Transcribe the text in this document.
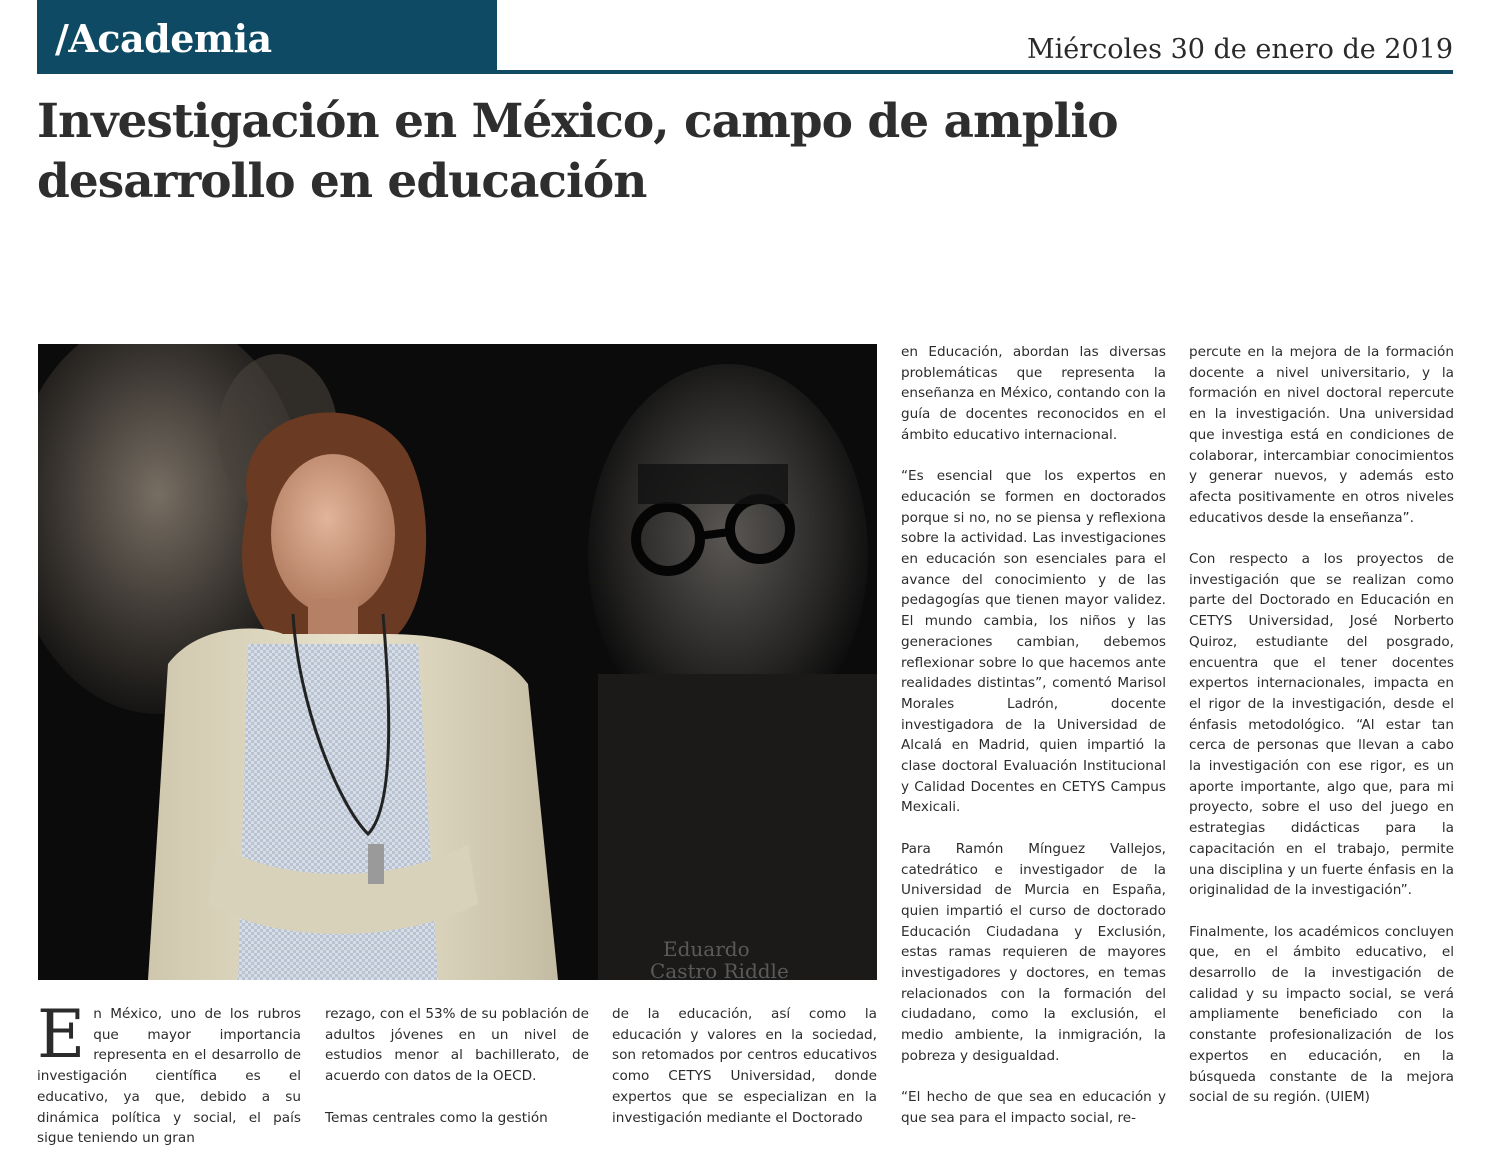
/Academia	Miércoles 30 de enero de 2019
Investigación en México, campo de amplio
desarrollo en educación
Eduardo
Castro Riddle

En México, uno de los rubros que mayor importancia representa en el desarrollo de investigación científica es el educativo, ya que, debido a su dinámica política y social, el país sigue teniendo un gran

rezago, con el 53% de su población de adultos jóvenes en un nivel de estudios menor al bachillerato, de acuerdo con datos de la OECD.

Temas centrales como la gestión

de la educación, así como la educación y valores en la sociedad, son retomados por centros educativos como CETYS Universidad, donde expertos que se especializan en la investigación mediante el Doctorado

en Educación, abordan las diversas problemáticas que representa la enseñanza en México, contando con la guía de docentes reconocidos en el ámbito educativo internacional.

“Es esencial que los expertos en educación se formen en doctorados porque si no, no se piensa y reflexiona sobre la actividad. Las investigaciones en educación son esenciales para el avance del conocimiento y de las pedagogías que tienen mayor validez. El mundo cambia, los niños y las generaciones cambian, debemos reflexionar sobre lo que hacemos ante realidades distintas”, comentó Marisol Morales Ladrón, docente investigadora de la Universidad de Alcalá en Madrid, quien impartió la clase doctoral Evaluación Institucional y Calidad Docentes en CETYS Campus Mexicali.

Para Ramón Mínguez Vallejos, catedrático e investigador de la Universidad de Murcia en España, quien impartió el curso de doctorado Educación Ciudadana y Exclusión, estas ramas requieren de mayores investigadores y doctores, en temas relacionados con la formación del ciudadano, como la exclusión, el medio ambiente, la inmigración, la pobreza y desigualdad.

“El hecho de que sea en educación y que sea para el impacto social, re-

percute en la mejora de la formación docente a nivel universitario, y la formación en nivel doctoral repercute en la investigación. Una universidad que investiga está en condiciones de colaborar, intercambiar conocimientos y generar nuevos, y además esto afecta positivamente en otros niveles educativos desde la enseñanza”.

Con respecto a los proyectos de investigación que se realizan como parte del Doctorado en Educación en CETYS Universidad, José Norberto Quiroz, estudiante del posgrado, encuentra que el tener docentes expertos internacionales, impacta en el rigor de la investigación, desde el énfasis metodológico. “Al estar tan cerca de personas que llevan a cabo la investigación con ese rigor, es un aporte importante, algo que, para mi proyecto, sobre el uso del juego en estrategias didácticas para la capacitación en el trabajo, permite una disciplina y un fuerte énfasis en la originalidad de la investigación”.

Finalmente, los académicos concluyen que, en el ámbito educativo, el desarrollo de la investigación de calidad y su impacto social, se verá ampliamente beneficiado con la constante profesionalización de los expertos en educación, en la búsqueda constante de la mejora social de su región. (UIEM)
